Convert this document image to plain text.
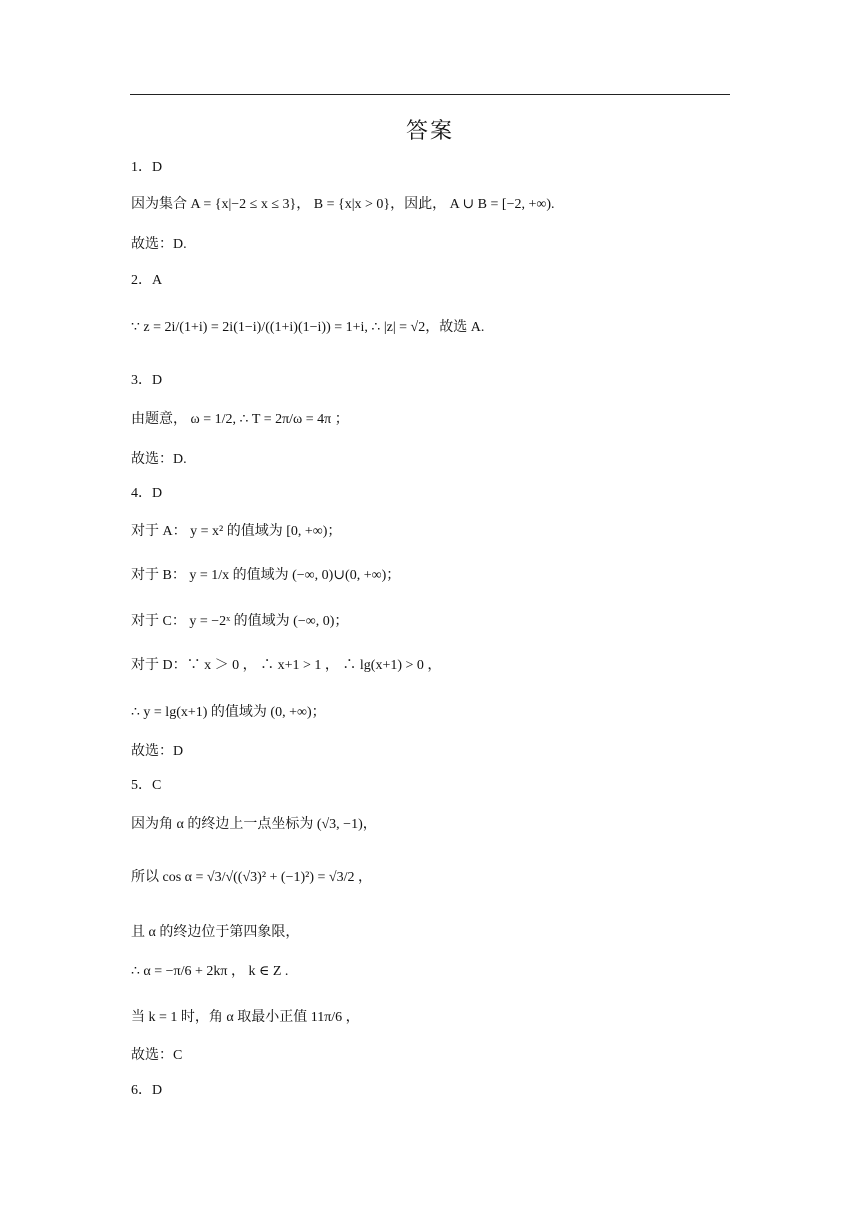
答案
1．D
因为集合 A = {x|−2 ≤ x ≤ 3}， B = {x|x > 0}，因此， A ∪ B = [−2, +∞).
故选：D.
2．A
∵ z = 2i/(1+i) = 2i(1−i)/((1+i)(1−i)) = 1+i, ∴ |z| = √2，故选 A.
3．D
由题意， ω = 1/2, ∴ T = 2π/ω = 4π ；
故选：D.
4．D
对于 A： y = x² 的值域为 [0, +∞)；
对于 B： y = 1/x 的值域为 (−∞, 0)∪(0, +∞)；
对于 C： y = −2ˣ 的值域为 (−∞, 0)；
对于 D：∵ x ＞ 0 ， ∴ x+1 > 1 ， ∴ lg(x+1) > 0 ，
∴ y = lg(x+1) 的值域为 (0, +∞)；
故选：D
5．C
因为角 α 的终边上一点坐标为 (√3, −1)，
所以 cos α = √3/√((√3)² + (−1)²) = √3/2 ，
且 α 的终边位于第四象限，
∴ α = −π/6 + 2kπ ， k ∈ Z .
当 k = 1 时，角 α 取最小正值 11π/6 ，
故选：C
6．D
